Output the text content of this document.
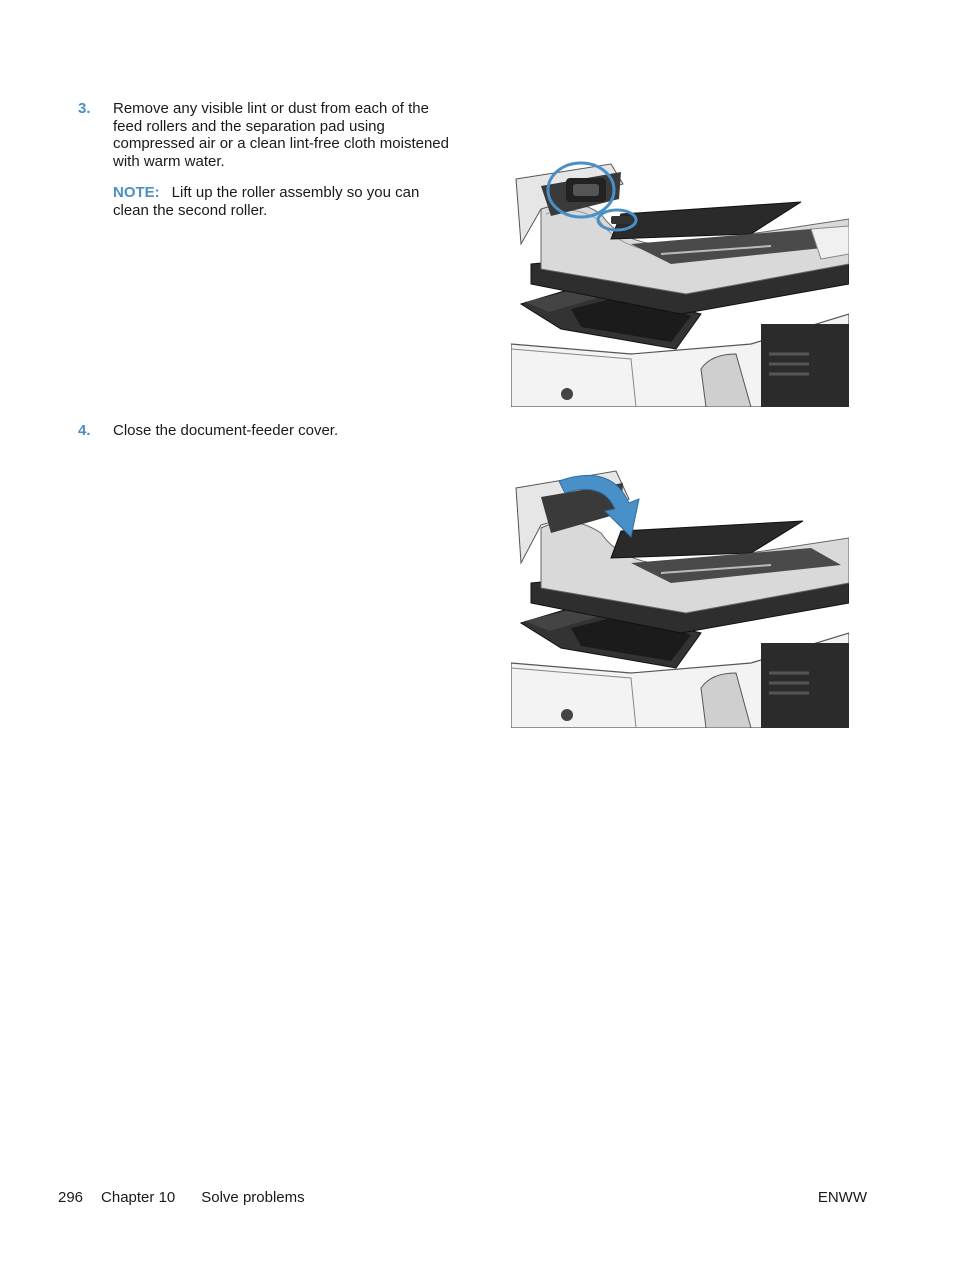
3.	Remove any visible lint or dust from each of the feed rollers and the separation pad using compressed air or a clean lint-free cloth moistened with warm water.

NOTE: Lift up the roller assembly so you can clean the second roller.

4.	Close the document-feeder cover.

296 Chapter 10 Solve problems	ENWW
